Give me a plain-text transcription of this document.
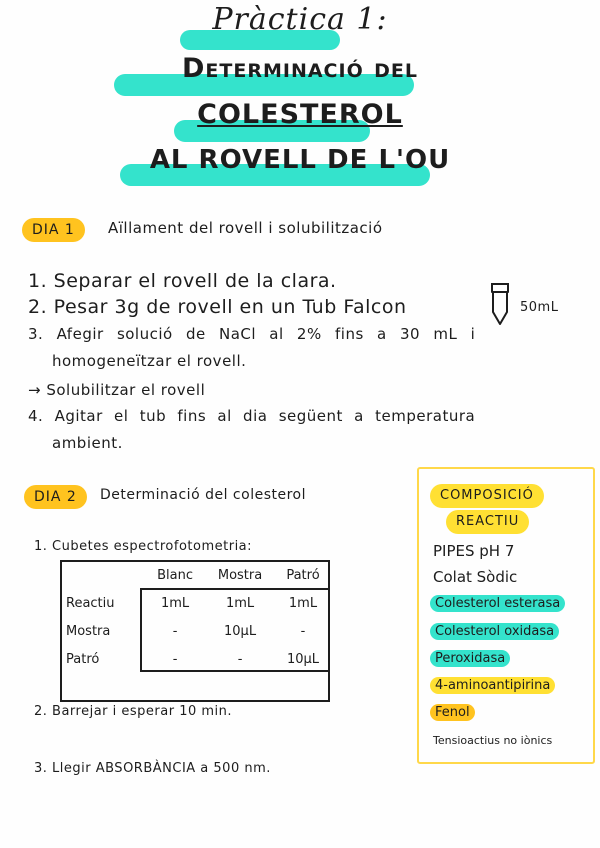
Pràctica 1:
Determinació del
COLESTEROL
AL ROVELL DE L'OU
DIA 1	Aïllament del rovell i solubilització
1. Separar el rovell de la clara.
2. Pesar 3g de rovell en un Tub Falcon	50mL
3. Afegir solució de NaCl al 2% fins a 30 mL i
homogeneïtzar el rovell.
→ Solubilitzar el rovell
4. Agitar el tub fins al dia següent a temperatura
ambient.
DIA 2	Determinació del colesterol
1. Cubetes espectrofotometria:
	Blanc	Mostra	Patró
Reactiu	1mL	1mL	1mL
Mostra	-	10µL	-
Patró	-	-	10µL
2. Barrejar i esperar 10 min.
3. Llegir ABSORBÀNCIA a 500 nm.
COMPOSICIÓ
REACTIU
PIPES pH 7
Colat Sòdic
Colesterol esterasa
Colesterol oxidasa
Peroxidasa
4-aminoantipirina
Fenol
Tensioactius no iònics
